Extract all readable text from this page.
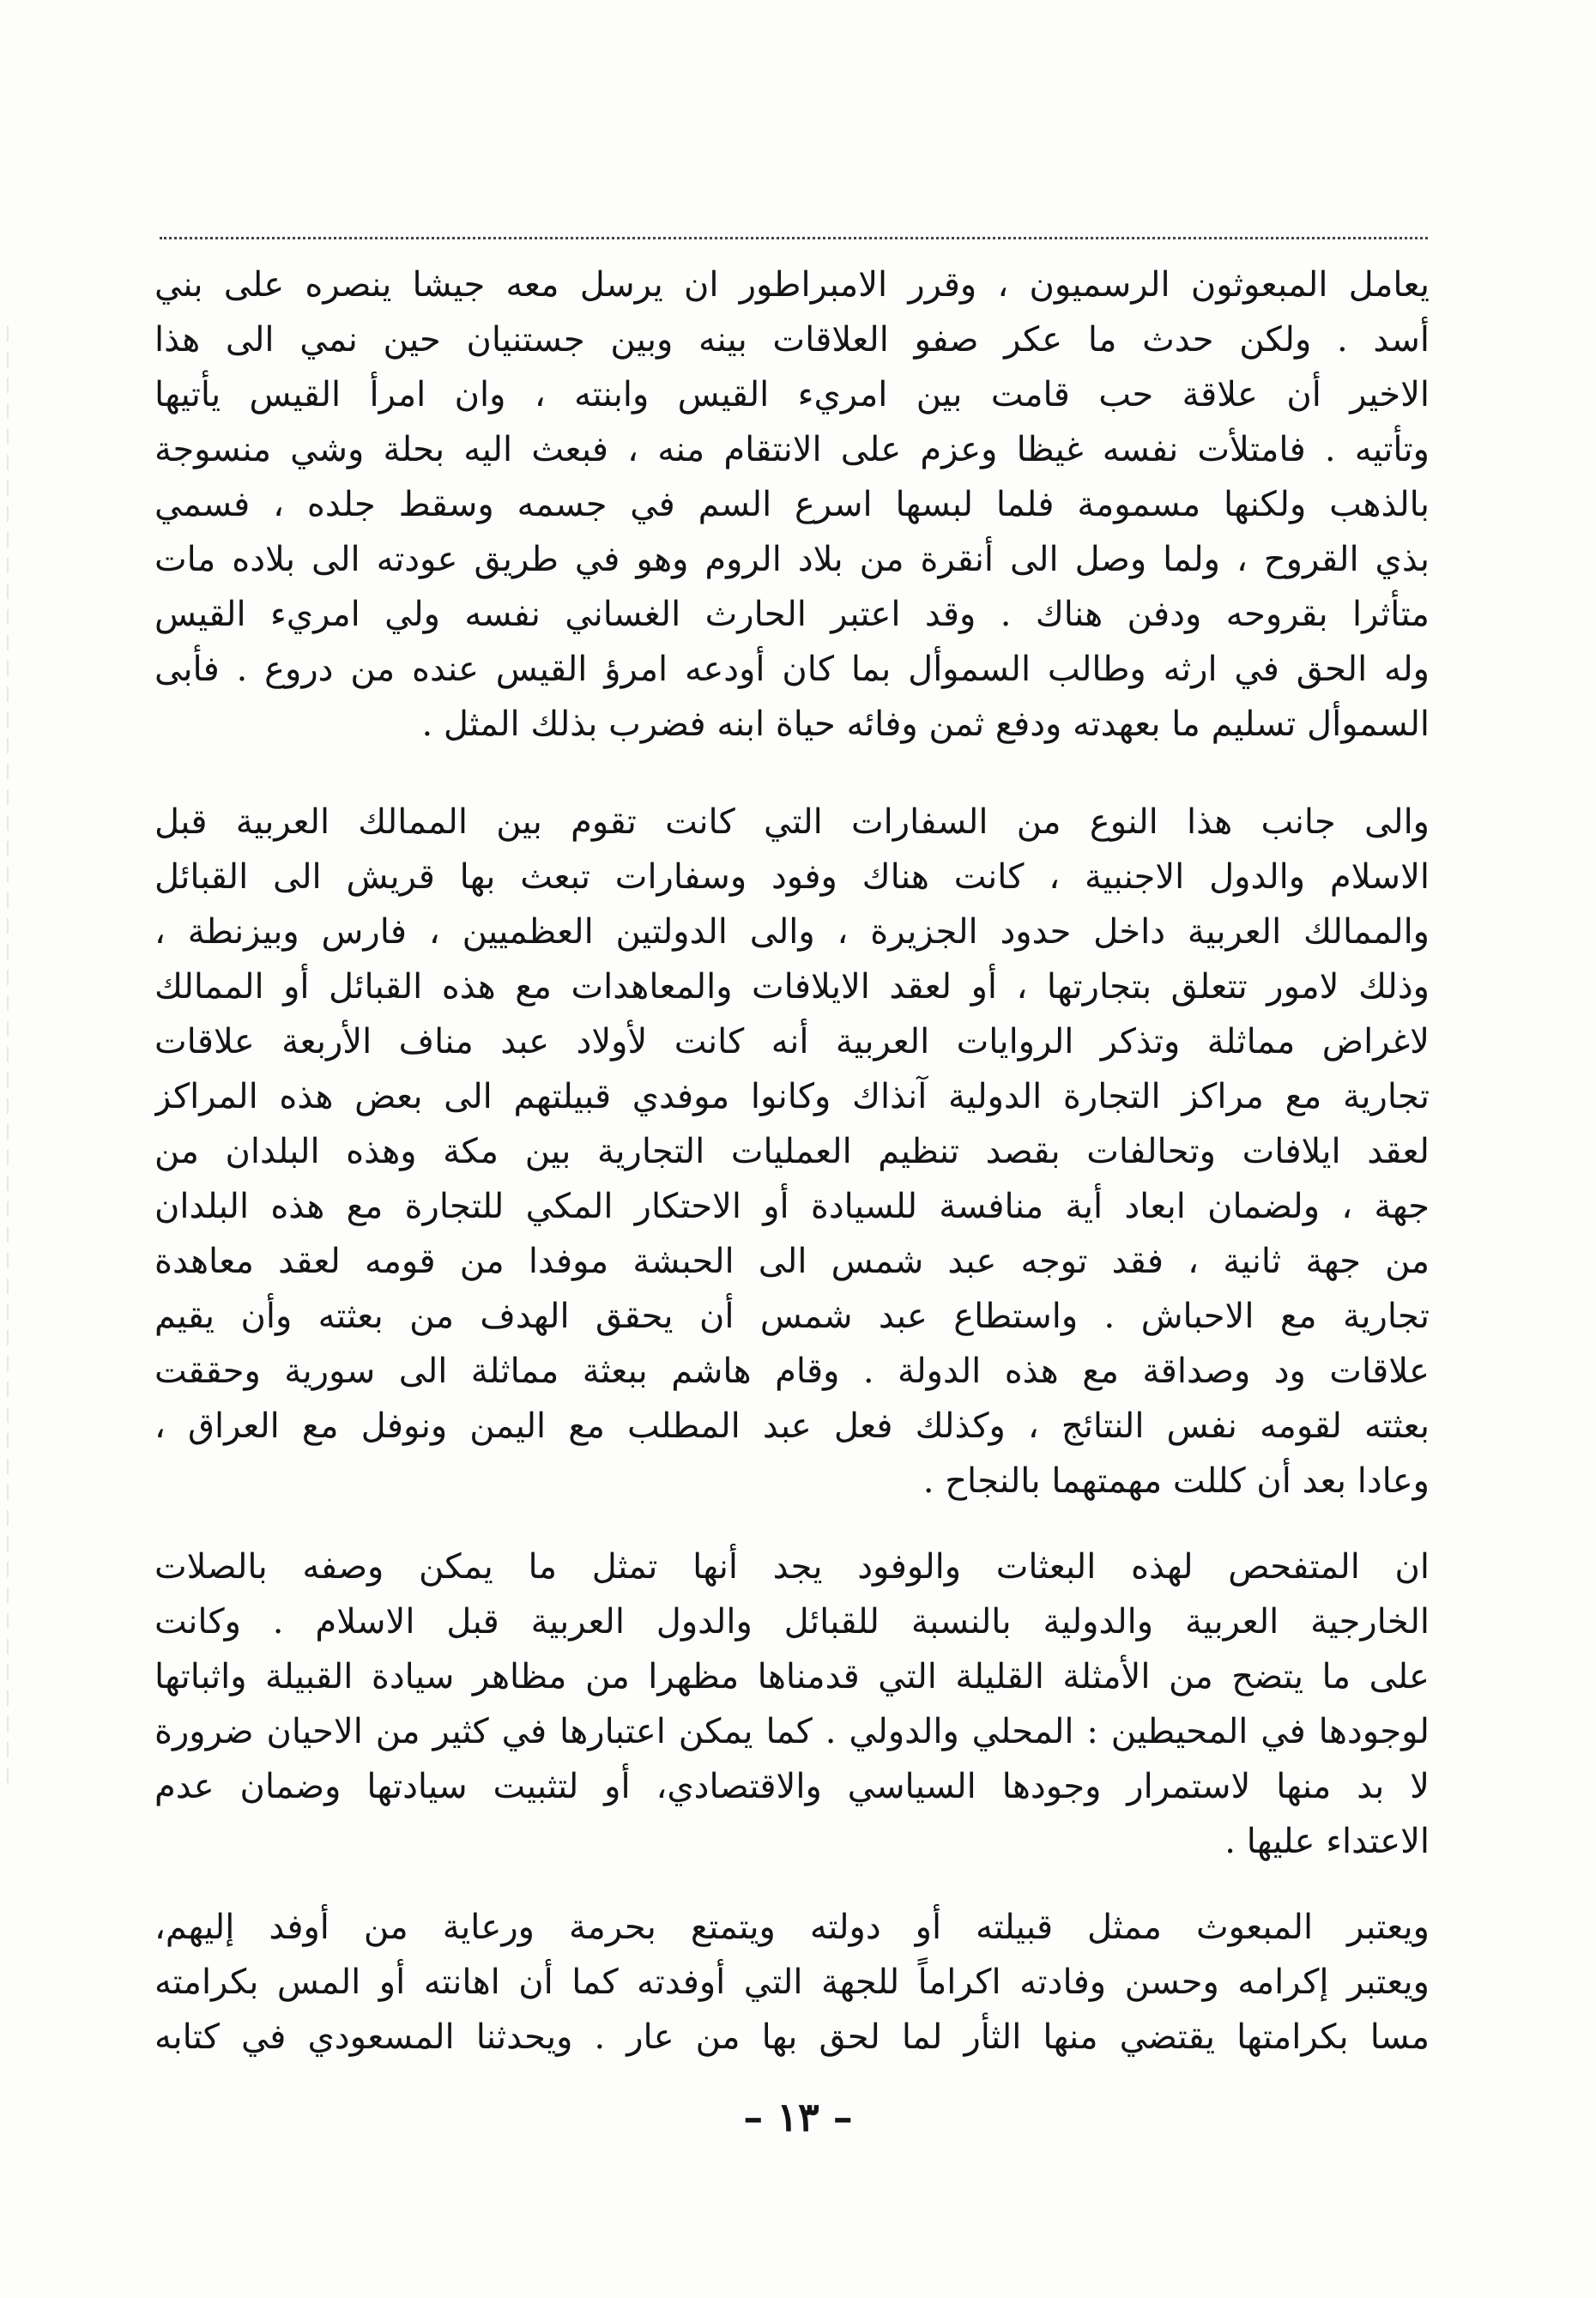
يعامل المبعوثون الرسميون ، وقرر الامبراطور ان يرسل معه جيشا ينصره على بني
أسد . ولكن حدث ما عكر صفو العلاقات بينه وبين جستنيان حين نمي الى هذا
الاخير أن علاقة حب قامت بين امريء القيس وابنته ، وان امرأ القيس يأتيها
وتأتيه . فامتلأت نفسه غيظا وعزم على الانتقام منه ، فبعث اليه بحلة وشي منسوجة
بالذهب ولكنها مسمومة فلما لبسها اسرع السم في جسمه وسقط جلده ، فسمي
بذي القروح ، ولما وصل الى أنقرة من بلاد الروم وهو في طريق عودته الى بلاده مات
متأثرا بقروحه ودفن هناك . وقد اعتبر الحارث الغساني نفسه ولي امريء القيس
وله الحق في ارثه وطالب السموأل بما كان أودعه امرؤ القيس عنده من دروع . فأبى
السموأل تسليم ما بعهدته ودفع ثمن وفائه حياة ابنه فضرب بذلك المثل .
والى جانب هذا النوع من السفارات التي كانت تقوم بين الممالك العربية قبل
الاسلام والدول الاجنبية ، كانت هناك وفود وسفارات تبعث بها قريش الى القبائل
والممالك العربية داخل حدود الجزيرة ، والى الدولتين العظميين ، فارس وبيزنطة ،
وذلك لامور تتعلق بتجارتها ، أو لعقد الايلافات والمعاهدات مع هذه القبائل أو الممالك
لاغراض مماثلة وتذكر الروايات العربية أنه كانت لأولاد عبد مناف الأربعة علاقات
تجارية مع مراكز التجارة الدولية آنذاك وكانوا موفدي قبيلتهم الى بعض هذه المراكز
لعقد ايلافات وتحالفات بقصد تنظيم العمليات التجارية بين مكة وهذه البلدان من
جهة ، ولضمان ابعاد أية منافسة للسيادة أو الاحتكار المكي للتجارة مع هذه البلدان
من جهة ثانية ، فقد توجه عبد شمس الى الحبشة موفدا من قومه لعقد معاهدة
تجارية مع الاحباش . واستطاع عبد شمس أن يحقق الهدف من بعثته وأن يقيم
علاقات ود وصداقة مع هذه الدولة . وقام هاشم ببعثة مماثلة الى سورية وحققت
بعثته لقومه نفس النتائج ، وكذلك فعل عبد المطلب مع اليمن ونوفل مع العراق ،
وعادا بعد أن كللت مهمتهما بالنجاح .
ان المتفحص لهذه البعثات والوفود يجد أنها تمثل ما يمكن وصفه بالصلات
الخارجية العربية والدولية بالنسبة للقبائل والدول العربية قبل الاسلام . وكانت
على ما يتضح من الأمثلة القليلة التي قدمناها مظهرا من مظاهر سيادة القبيلة واثباتها
لوجودها في المحيطين : المحلي والدولي . كما يمكن اعتبارها في كثير من الاحيان ضرورة
لا بد منها لاستمرار وجودها السياسي والاقتصادي، أو لتثبيت سيادتها وضمان عدم
الاعتداء عليها .
ويعتبر المبعوث ممثل قبيلته أو دولته ويتمتع بحرمة ورعاية من أوفد إليهم،
ويعتبر إكرامه وحسن وفادته اكراماً للجهة التي أوفدته كما أن اهانته أو المس بكرامته
مسا بكرامتها يقتضي منها الثأر لما لحق بها من عار . ويحدثنا المسعودي في كتابه
– ١٣ –
